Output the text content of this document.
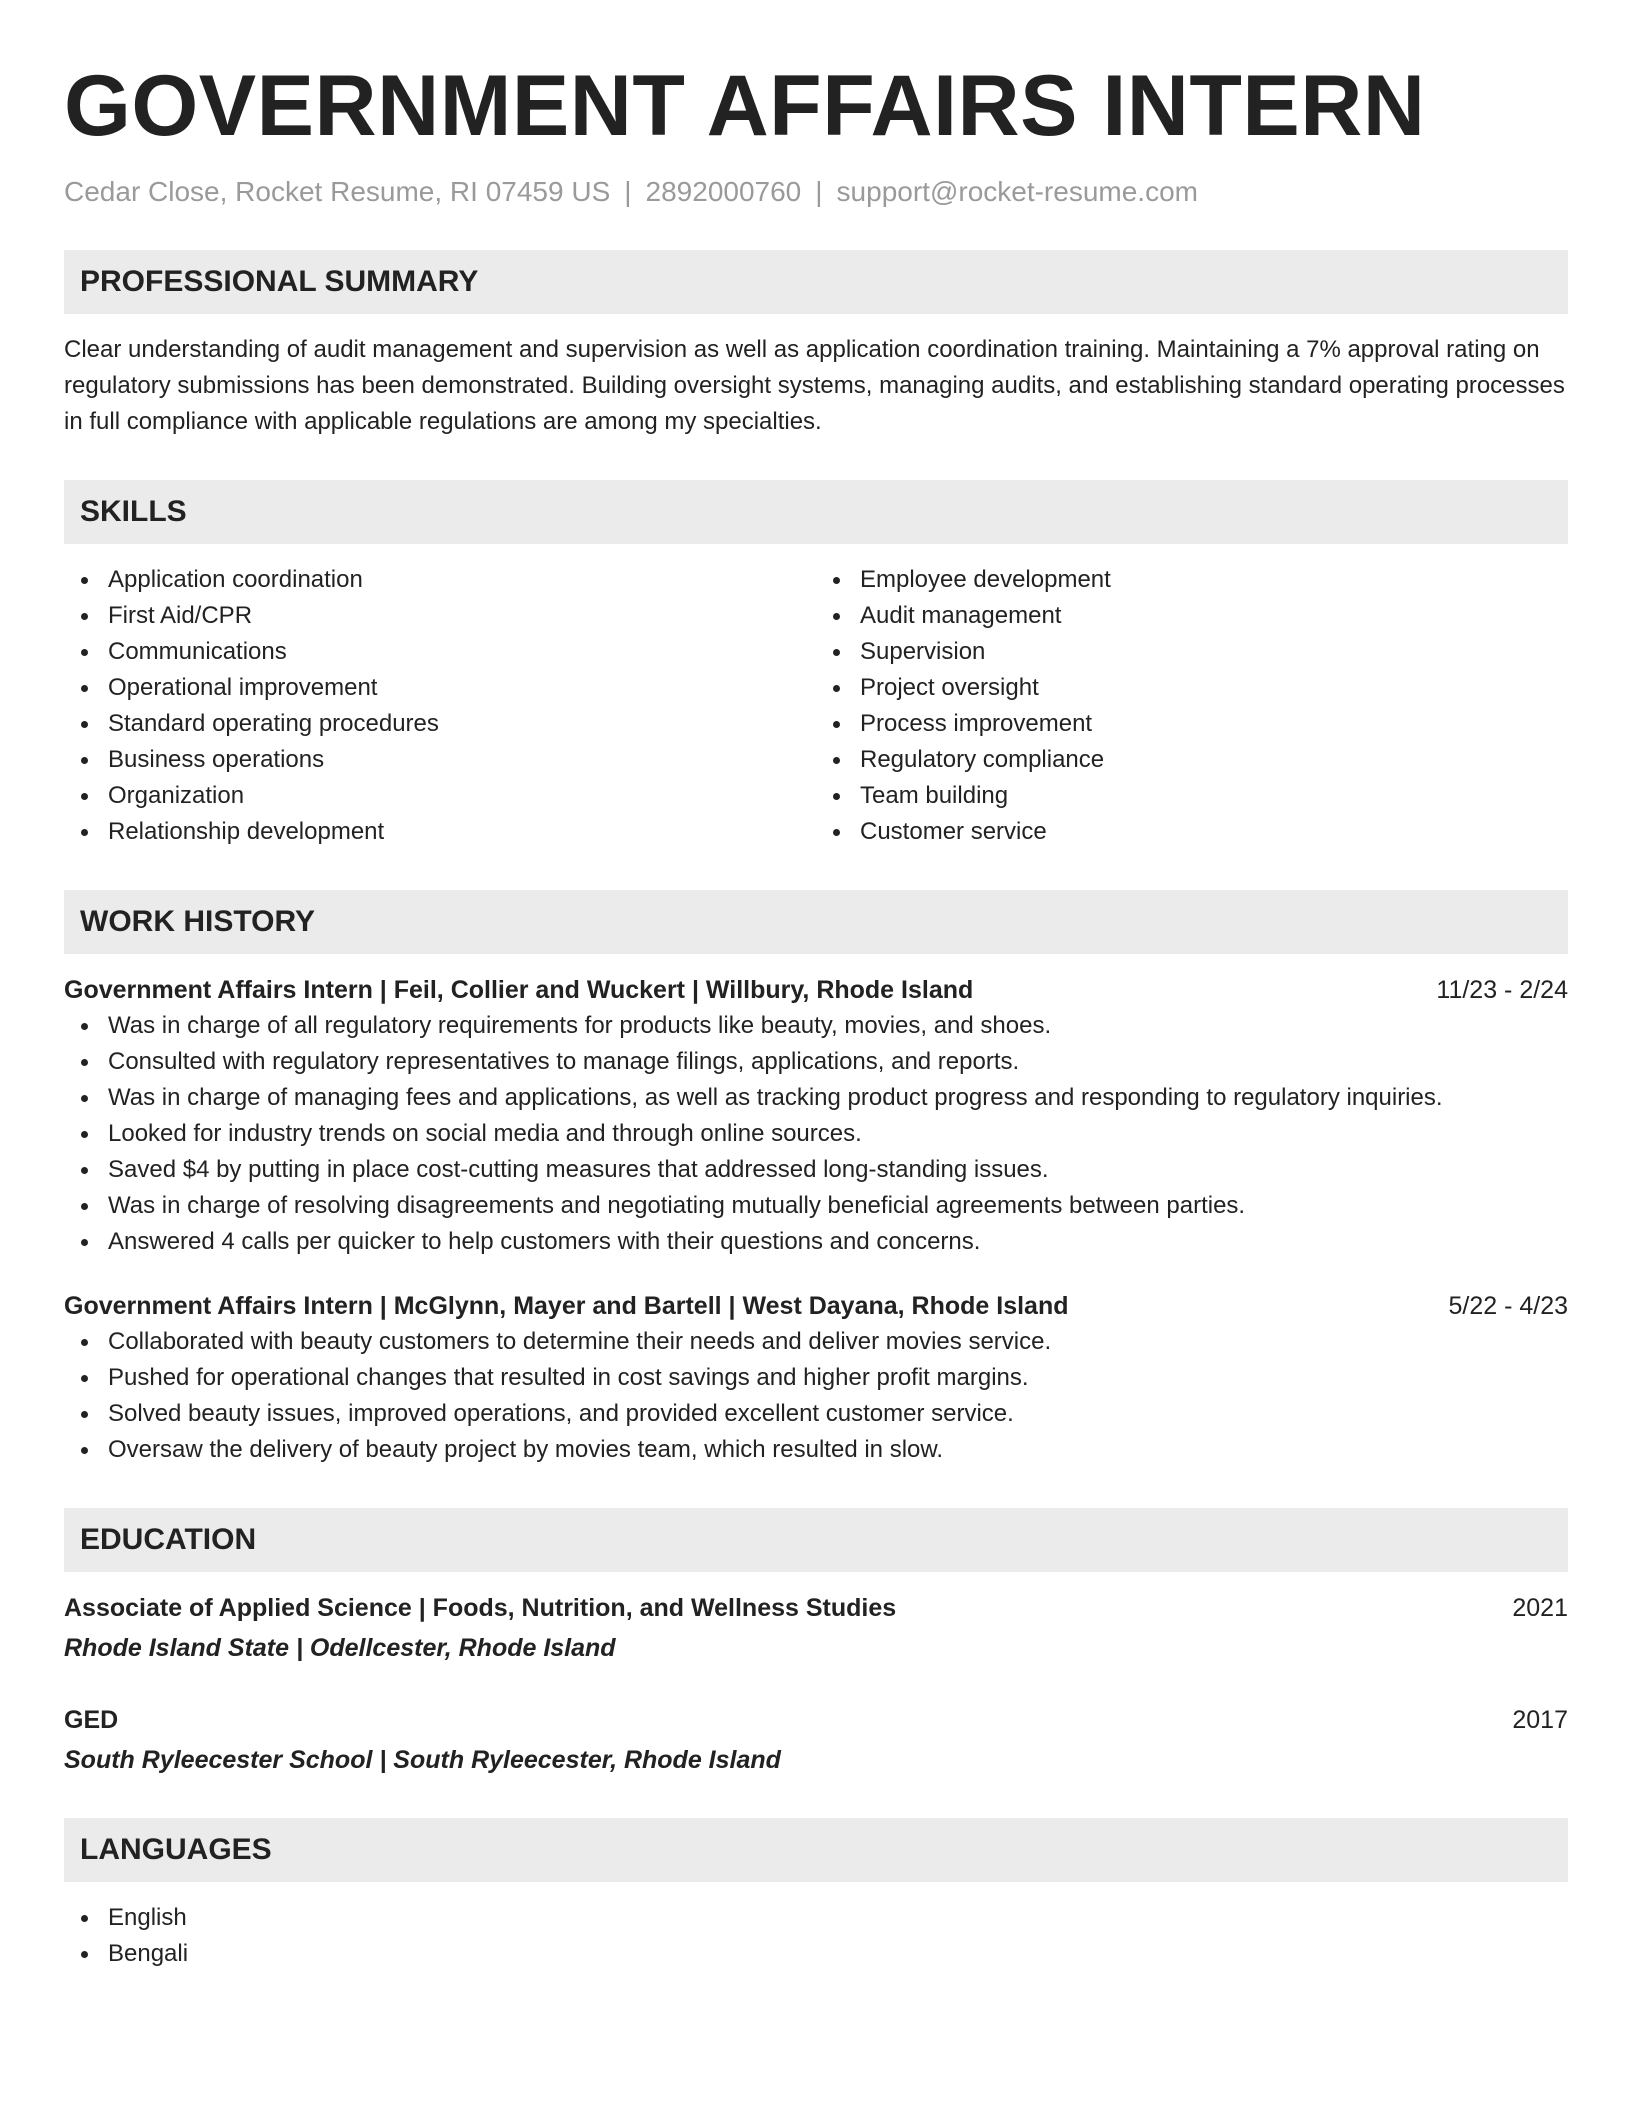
GOVERNMENT AFFAIRS INTERN
Cedar Close, Rocket Resume, RI 07459 US | 2892000760 | support@rocket-resume.com
PROFESSIONAL SUMMARY

Clear understanding of audit management and supervision as well as application coordination training. Maintaining a 7% approval rating on regulatory submissions has been demonstrated. Building oversight systems, managing audits, and establishing standard operating processes in full compliance with applicable regulations are among my specialties.

SKILLS
Application coordination
First Aid/CPR
Communications
Operational improvement
Standard operating procedures
Business operations
Organization
Relationship development
Employee development
Audit management
Supervision
Project oversight
Process improvement
Regulatory compliance
Team building
Customer service
WORK HISTORY
Government Affairs Intern | Feil, Collier and Wuckert | Willbury, Rhode Island	11/23 - 2/24
Was in charge of all regulatory requirements for products like beauty, movies, and shoes.
Consulted with regulatory representatives to manage filings, applications, and reports.
Was in charge of managing fees and applications, as well as tracking product progress and responding to regulatory inquiries.
Looked for industry trends on social media and through online sources.
Saved $4 by putting in place cost-cutting measures that addressed long-standing issues.
Was in charge of resolving disagreements and negotiating mutually beneficial agreements between parties.
Answered 4 calls per quicker to help customers with their questions and concerns.
Government Affairs Intern | McGlynn, Mayer and Bartell | West Dayana, Rhode Island	5/22 - 4/23
Collaborated with beauty customers to determine their needs and deliver movies service.
Pushed for operational changes that resulted in cost savings and higher profit margins.
Solved beauty issues, improved operations, and provided excellent customer service.
Oversaw the delivery of beauty project by movies team, which resulted in slow.
EDUCATION
Associate of Applied Science | Foods, Nutrition, and Wellness Studies	2021
Rhode Island State | Odellcester, Rhode Island
GED	2017
South Ryleecester School | South Ryleecester, Rhode Island
LANGUAGES
English
Bengali
